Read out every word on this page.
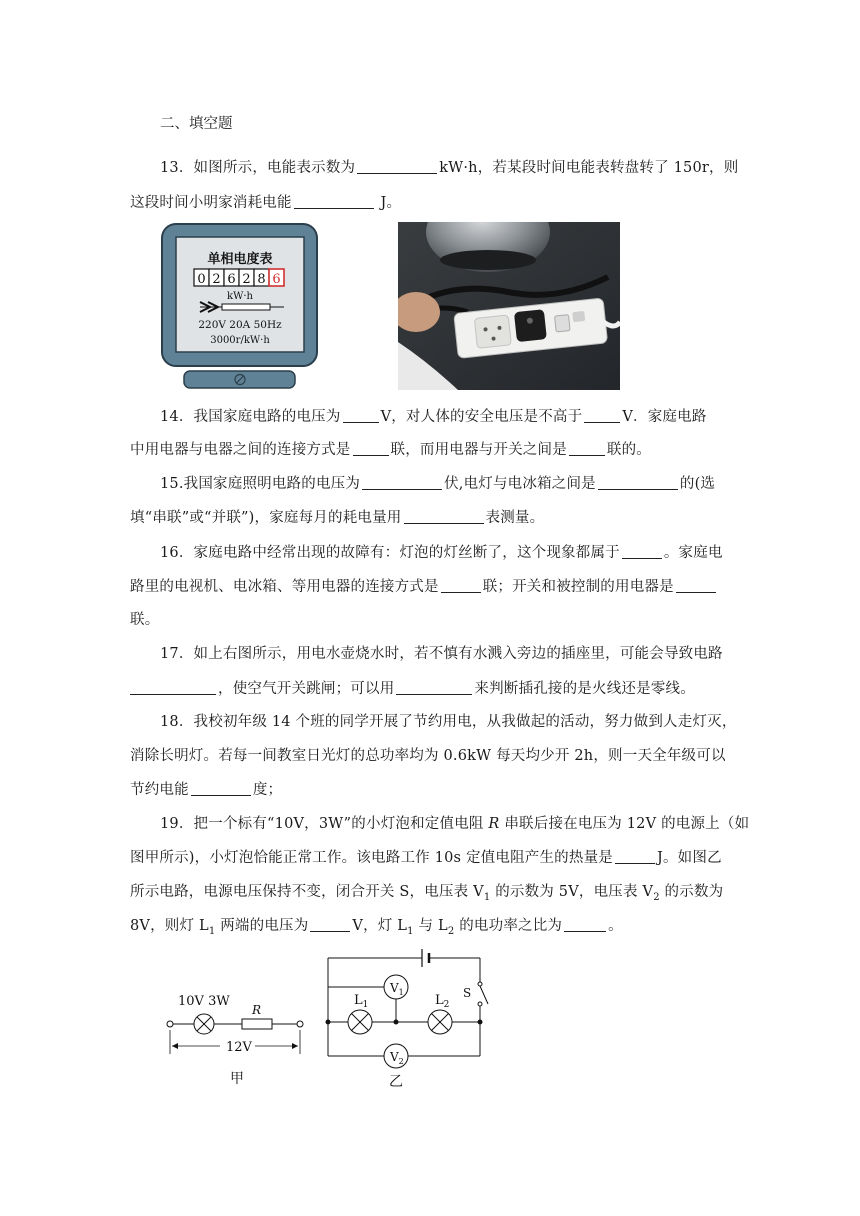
二、填空题
13．如图所示，电能表示数为	kW·h，若某段时间电能表转盘转了 150r，则
这段时间小明家消耗电能	J。
单相电度表
0 2 6 2 8 6
kW·h
220V 20A 50Hz
3000r/kW·h
14．我国家庭电路的电压为	V，对人体的安全电压是不高于	V．家庭电路
中用电器与电器之间的连接方式是	联，而用电器与开关之间是	联的。
15.我国家庭照明电路的电压为	伏,电灯与电冰箱之间是	的(选
填“串联”或“并联”)，家庭每月的耗电量用	表测量。
16．家庭电路中经常出现的故障有：灯泡的灯丝断了，这个现象都属于	。家庭电
路里的电视机、电冰箱、等用电器的连接方式是	联；开关和被控制的用电器是
联。
17．如上右图所示，用电水壶烧水时，若不慎有水溅入旁边的插座里，可能会导致电路
，使空气开关跳闸；可以用	来判断插孔接的是火线还是零线。
18．我校初年级 14 个班的同学开展了节约用电，从我做起的活动，努力做到人走灯灭，
消除长明灯。若每一间教室日光灯的总功率均为 0.6kW 每天均少开 2h，则一天全年级可以
节约电能	度；
19．把一个标有“10V，3W”的小灯泡和定值电阻 R 串联后接在电压为 12V 的电源上（如
图甲所示)，小灯泡恰能正常工作。该电路工作 10s 定值电阻产生的热量是	J。如图乙
所示电路，电源电压保持不变，闭合开关 S，电压表 $V_1$ 的示数为 5V，电压表 $V_2$ 的示数为
8V，则灯 $L_1$ 两端的电压为	V，灯 $L_1$ 与 $L_2$ 的电功率之比为	。
10V 3W
R
12V
甲
S
$L_1$	$L_2$
$V_1$
$V_2$
乙
